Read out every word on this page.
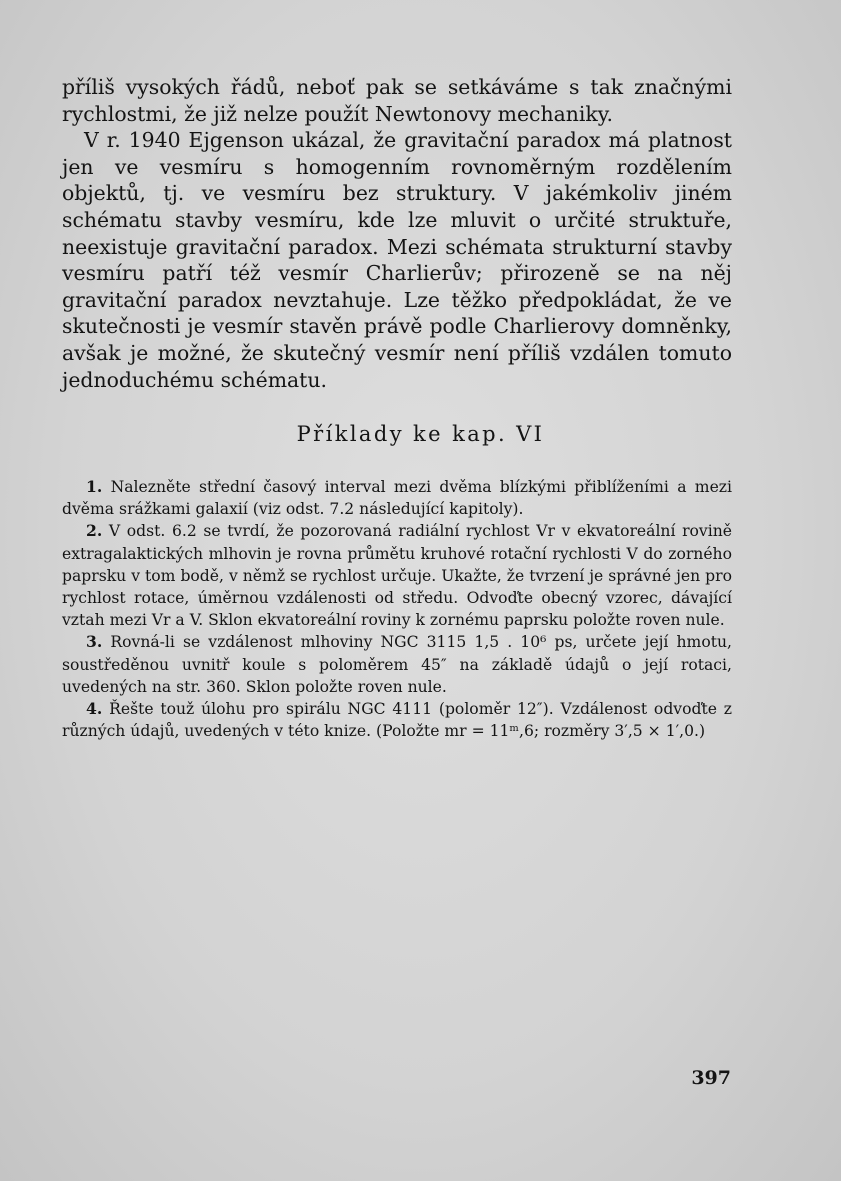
příliš vysokých řádů, neboť pak se setkáváme s tak značnými rychlostmi, že již nelze použít Newtonovy mechaniky.

V r. 1940 Ejgenson ukázal, že gravitační paradox má platnost jen ve vesmíru s homogenním rovnoměrným rozdělením objektů, tj. ve vesmíru bez struktury. V jakémkoliv jiném schématu stavby vesmíru, kde lze mluvit o určité struktuře, neexistuje gravitační paradox. Mezi schémata strukturní stavby vesmíru patří též vesmír Charlierův; přirozeně se na něj gravitační paradox nevztahuje. Lze těžko předpokládat, že ve skutečnosti je vesmír stavěn právě podle Charlierovy domněnky, avšak je možné, že skutečný vesmír není příliš vzdálen tomuto jednoduchému schématu.

Příklady ke kap. VI

1. Nalezněte střední časový interval mezi dvěma blízkými přiblíženími a mezi dvěma srážkami galaxií (viz odst. 7.2 následující kapitoly).

2. V odst. 6.2 se tvrdí, že pozorovaná radiální rychlost Vr v ekvatoreální rovině extragalaktických mlhovin je rovna průmětu kruhové rotační rychlosti V do zorného paprsku v tom bodě, v němž se rychlost určuje. Ukažte, že tvrzení je správné jen pro rychlost rotace, úměrnou vzdálenosti od středu. Odvoďte obecný vzorec, dávající vztah mezi Vr a V. Sklon ekvatoreální roviny k zornému paprsku položte roven nule.

3. Rovná-li se vzdálenost mlhoviny NGC 3115 1,5 . 10⁶ ps, určete její hmotu, soustředěnou uvnitř koule s poloměrem 45″ na základě údajů o její rotaci, uvedených na str. 360. Sklon položte roven nule.

4. Řešte touž úlohu pro spirálu NGC 4111 (poloměr 12″). Vzdálenost odvoďte z různých údajů, uvedených v této knize. (Položte mr = 11ᵐ,6; rozměry 3′,5 × 1′,0.)

397
